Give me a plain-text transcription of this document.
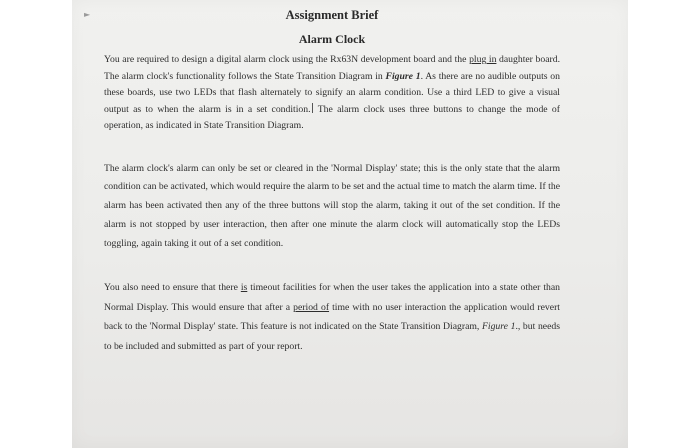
►	Assignment Brief
Alarm Clock

You are required to design a digital alarm clock using the Rx63N development board and the plug in daughter board. The alarm clock's functionality follows the State Transition Diagram in Figure 1. As there are no audible outputs on these boards, use two LEDs that flash alternately to signify an alarm condition. Use a third LED to give a visual output as to when the alarm is in a set condition. The alarm clock uses three buttons to change the mode of operation, as indicated in State Transition Diagram.

The alarm clock's alarm can only be set or cleared in the 'Normal Display' state; this is the only state that the alarm condition can be activated, which would require the alarm to be set and the actual time to match the alarm time. If the alarm has been activated then any of the three buttons will stop the alarm, taking it out of the set condition. If the alarm is not stopped by user interaction, then after one minute the alarm clock will automatically stop the LEDs toggling, again taking it out of a set condition.

You also need to ensure that there is timeout facilities for when the user takes the application into a state other than Normal Display. This would ensure that after a period of time with no user interaction the application would revert back to the 'Normal Display' state. This feature is not indicated on the State Transition Diagram, Figure 1., but needs to be included and submitted as part of your report.
